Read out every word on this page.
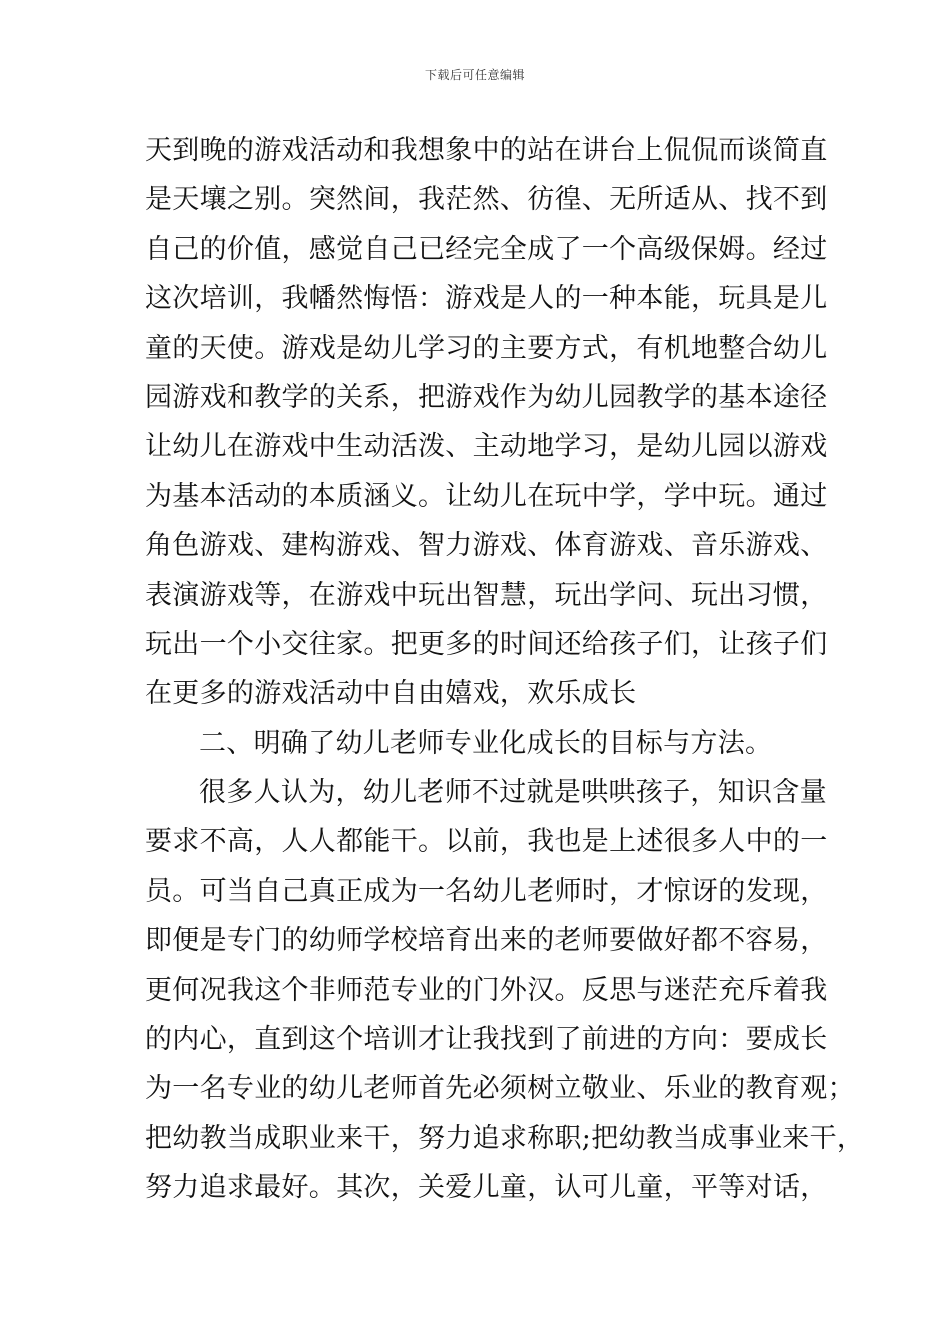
下载后可任意编辑
天到晚的游戏活动和我想象中的站在讲台上侃侃而谈简直
是天壤之别。突然间，我茫然、彷徨、无所适从、找不到
自己的价值，感觉自己已经完全成了一个高级保姆。经过
这次培训，我幡然悔悟：游戏是人的一种本能，玩具是儿
童的天使。游戏是幼儿学习的主要方式，有机地整合幼儿
园游戏和教学的关系，把游戏作为幼儿园教学的基本途径
让幼儿在游戏中生动活泼、主动地学习，是幼儿园以游戏
为基本活动的本质涵义。让幼儿在玩中学，学中玩。通过
角色游戏、建构游戏、智力游戏、体育游戏、音乐游戏、
表演游戏等，在游戏中玩出智慧，玩出学问、玩出习惯，
玩出一个小交往家。把更多的时间还给孩子们，让孩子们
在更多的游戏活动中自由嬉戏，欢乐成长
二、明确了幼儿老师专业化成长的目标与方法。
很多人认为，幼儿老师不过就是哄哄孩子，知识含量
要求不高，人人都能干。以前，我也是上述很多人中的一
员。可当自己真正成为一名幼儿老师时，才惊讶的发现，
即便是专门的幼师学校培育出来的老师要做好都不容易，
更何况我这个非师范专业的门外汉。反思与迷茫充斥着我
的内心，直到这个培训才让我找到了前进的方向：要成长
为一名专业的幼儿老师首先必须树立敬业、乐业的教育观；
把幼教当成职业来干，努力追求称职;把幼教当成事业来干，
努力追求最好。其次，关爱儿童，认可儿童，平等对话，
